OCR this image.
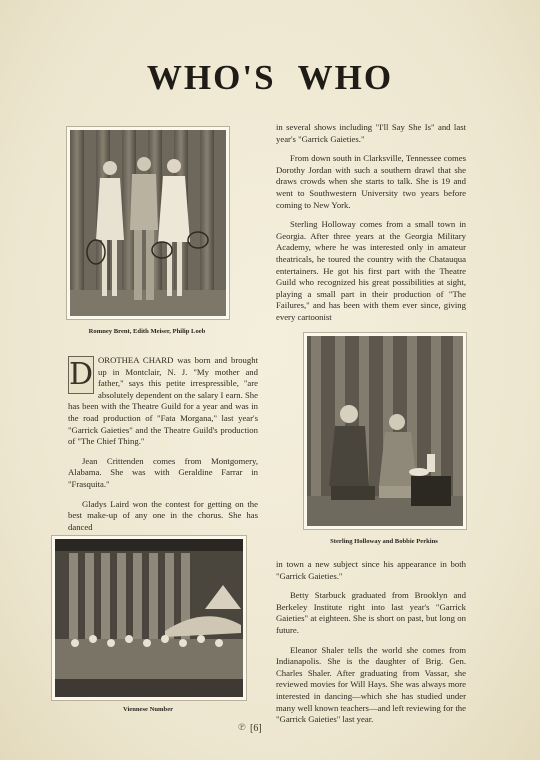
WHO'S WHO
Romney Brent, Edith Meiser, Philip Loeb

in several shows including "I'll Say She Is" and last year's "Garrick Gaieties."

From down south in Clarksville, Tennessee comes Dorothy Jordan with such a southern drawl that she draws crowds when she starts to talk. She is 19 and went to Southwestern University two years before coming to New York.

Sterling Holloway comes from a small town in Georgia. After three years at the Georgia Military Academy, where he was interested only in amateur theatricals, he toured the country with the Chatauqua entertainers. He got his first part with the Theatre Guild who recognized his great possibilities at sight, playing a small part in their production of "The Failures," and has been with them ever since, giving every cartoonist

Sterling Holloway and Bobbie Perkins

D OROTHEA CHARD was born and brought up in Montclair, N. J. "My mother and father," says this petite irrespressible, "are absolutely dependent on the salary I earn. She has been with the Theatre Guild for a year and was in the road production of "Fata Morgana," last year's "Garrick Gaieties" and the Theatre Guild's production of "The Chief Thing."

Jean Crittenden comes from Montgomery, Alabama. She was with Geraldine Farrar in "Frasquita."

Gladys Laird won the contest for getting on the best make-up of any one in the chorus. She has danced

Viennese Number

in town a new subject since his appearance in both "Garrick Gaieties."

Betty Starbuck graduated from Brooklyn and Berkeley Institute right into last year's "Garrick Gaieties" at eighteen. She is short on past, but long on future.

Eleanor Shaler tells the world she comes from Indianapolis. She is the daughter of Brig. Gen. Charles Shaler. After graduating from Vassar, she reviewed movies for Will Hays. She was always more interested in dancing—which she has studied under many well known teachers—and left reviewing for the "Garrick Gaieties" last year.

℗ [6]
